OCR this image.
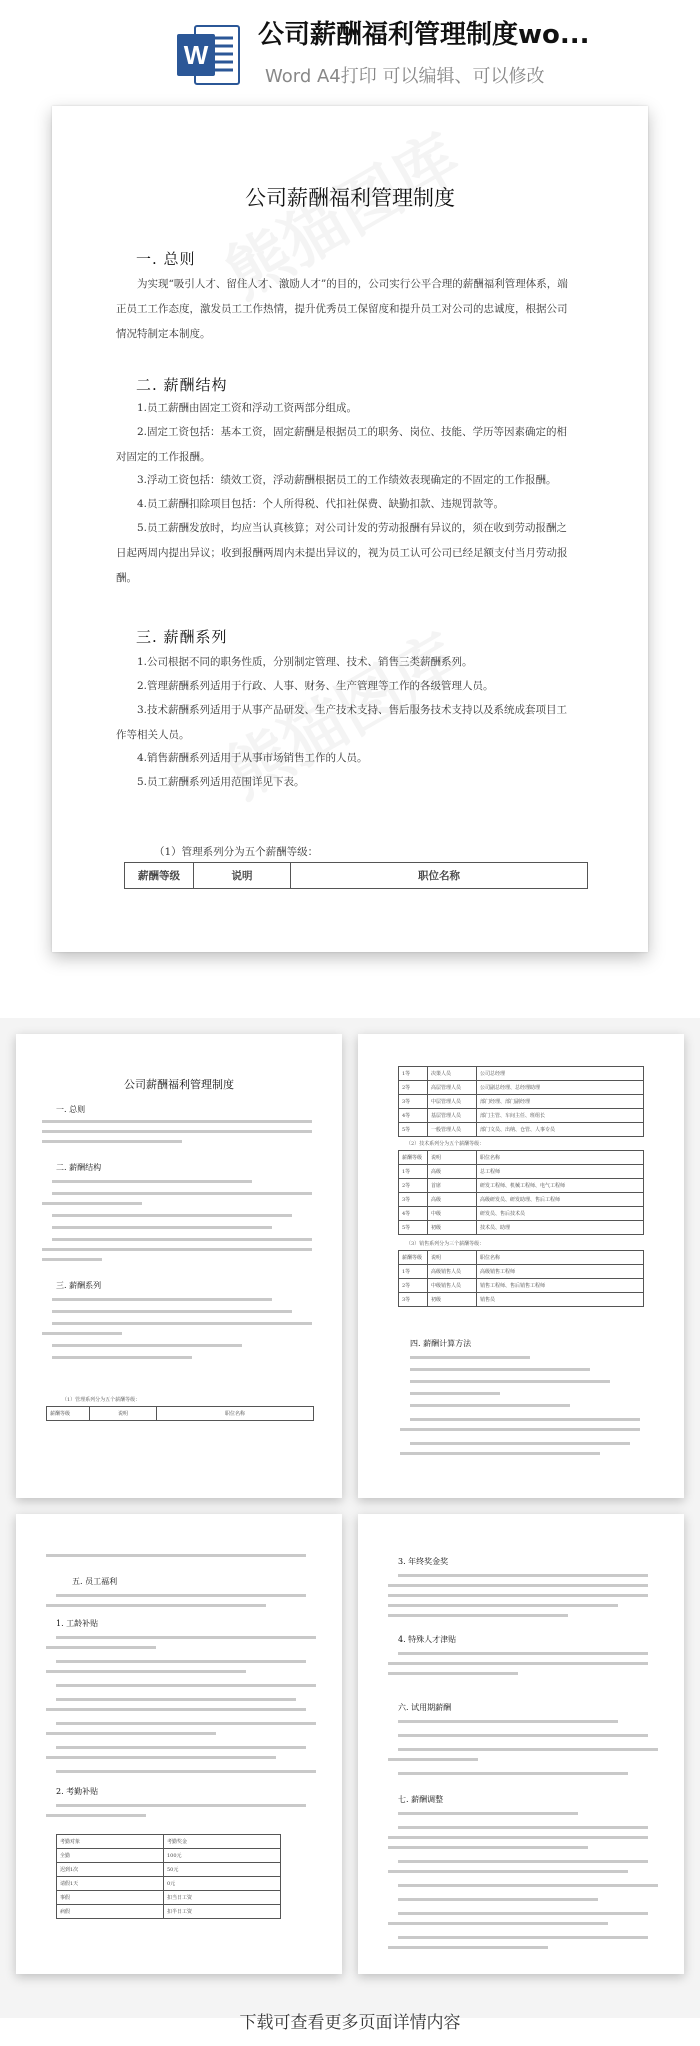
W
公司薪酬福利管理制度wo...
Word A4打印 可以编辑、可以修改
公司薪酬福利管理制度
一. 总则
为实现“吸引人才、留住人才、激励人才”的目的，公司实行公平合理的薪酬福利管理体系，端正员工工作态度，激发员工工作热情，提升优秀员工保留度和提升员工对公司的忠诚度，根据公司情况特制定本制度。
二. 薪酬结构
1.员工薪酬由固定工资和浮动工资两部分组成。
2.固定工资包括：基本工资，固定薪酬是根据员工的职务、岗位、技能、学历等因素确定的相对固定的工作报酬。
3.浮动工资包括：绩效工资，浮动薪酬根据员工的工作绩效表现确定的不固定的工作报酬。
4.员工薪酬扣除项目包括：个人所得税、代扣社保费、缺勤扣款、违规罚款等。
5.员工薪酬发放时，均应当认真核算；对公司计发的劳动报酬有异议的，须在收到劳动报酬之日起两周内提出异议；收到报酬两周内未提出异议的，视为员工认可公司已经足额支付当月劳动报酬。
三. 薪酬系列
1.公司根据不同的职务性质，分别制定管理、技术、销售三类薪酬系列。
2.管理薪酬系列适用于行政、人事、财务、生产管理等工作的各级管理人员。
3.技术薪酬系列适用于从事产品研发、生产技术支持、售后服务技术支持以及系统成套项目工作等相关人员。
4.销售薪酬系列适用于从事市场销售工作的人员。
5.员工薪酬系列适用范围详见下表。
（1）管理系列分为五个薪酬等级：
薪酬等级	说明	职位名称
公司薪酬福利管理制度
一. 总则
二. 薪酬结构
三. 薪酬系列
（1）管理系列分为五个薪酬等级：
薪酬等级	说明	职位名称
1等	决策人员	公司总经理
2等	高层管理人员	公司副总经理、总经理助理
3等	中层管理人员	部门经理、部门副经理
4等	基层管理人员	部门主管、车间主任、班组长
5等	一般管理人员	部门文员、出纳、仓管、人事专员
（2）技术系列分为五个薪酬等级：
薪酬等级	说明	职位名称
1等	高级	总工程师
2等	首席	研发工程师、机械工程师、电气工程师
3等	高级	高级研发员、研发助理、售后工程师
4等	中级	研发员、售后技术员
5等	初级	技术员、助理
（3）销售系列分为三个薪酬等级：
薪酬等级	说明	职位名称
1等	高级销售人员	高级销售工程师
2等	中级销售人员	销售工程师、售后销售工程师
3等	初级	销售员
四. 薪酬计算方法
五. 员工福利
1. 工龄补贴
2. 考勤补贴
考勤对象	考勤奖金
全勤	100元
迟到1次	50元
请假1天	0元
事假	扣当日工资
病假	扣半日工资
3. 年终奖金奖
4. 特殊人才津贴
六. 试用期薪酬
七. 薪酬调整
下载可查看更多页面详情内容
